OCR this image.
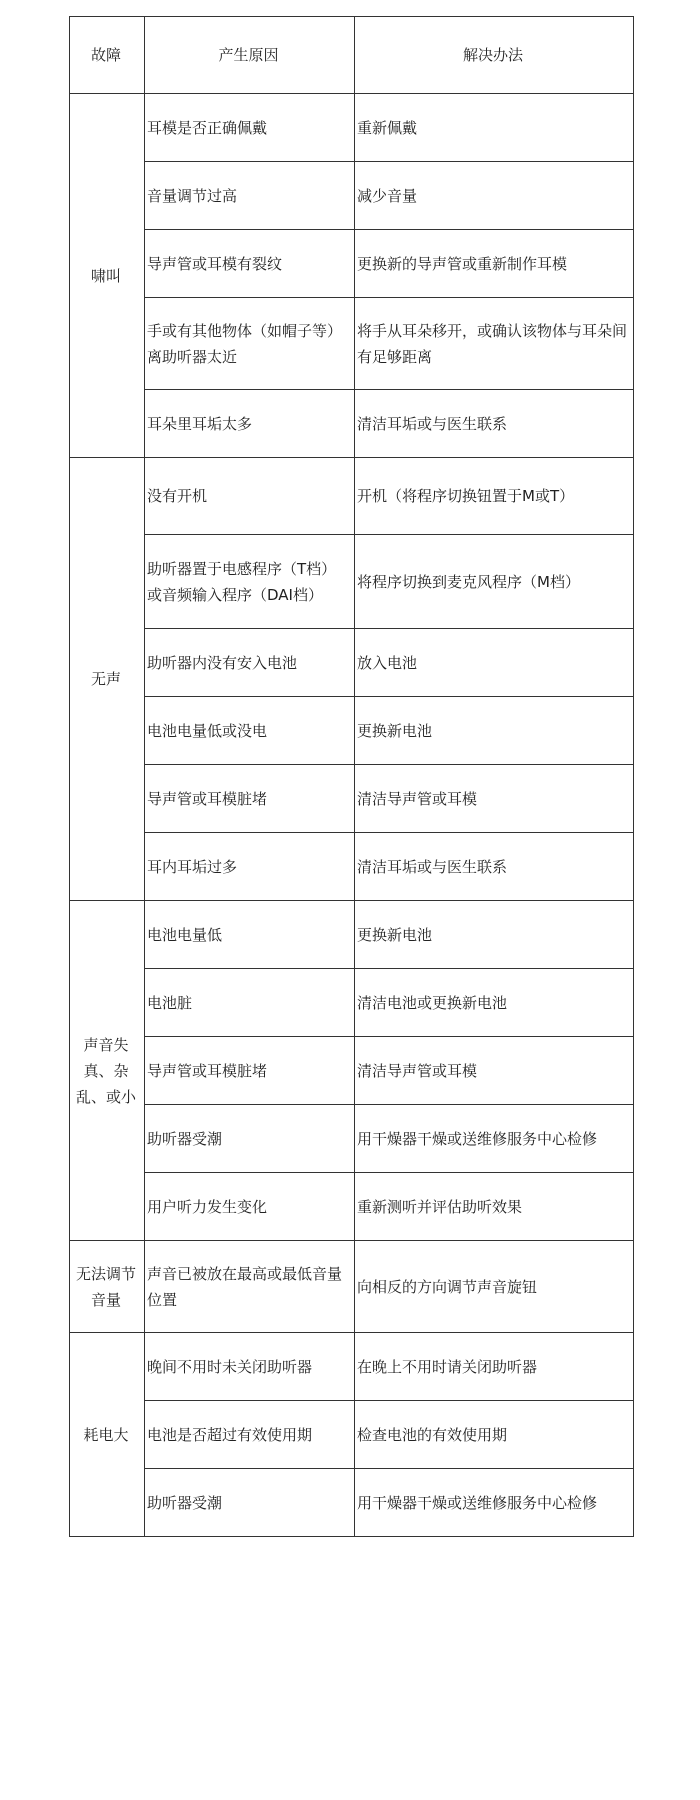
故障	产生原因	解决办法
啸叫	耳模是否正确佩戴	重新佩戴
	音量调节过高	减少音量
	导声管或耳模有裂纹	更换新的导声管或重新制作耳模
	手或有其他物体（如帽子等）离助听器太近	将手从耳朵移开，或确认该物体与耳朵间有足够距离
	耳朵里耳垢太多	清洁耳垢或与医生联系
无声	没有开机	开机（将程序切换钮置于M或T）
	助听器置于电感程序（T档）或音频输入程序（DAI档）	将程序切换到麦克风程序（M档）
	助听器内没有安入电池	放入电池
	电池电量低或没电	更换新电池
	导声管或耳模脏堵	清洁导声管或耳模
	耳内耳垢过多	清洁耳垢或与医生联系
声音失真、杂乱、或小	电池电量低	更换新电池
	电池脏	清洁电池或更换新电池
	导声管或耳模脏堵	清洁导声管或耳模
	助听器受潮	用干燥器干燥或送维修服务中心检修
	用户听力发生变化	重新测听并评估助听效果
无法调节音量	声音已被放在最高或最低音量位置	向相反的方向调节声音旋钮
耗电大	晚间不用时未关闭助听器	在晚上不用时请关闭助听器
	电池是否超过有效使用期	检查电池的有效使用期
	助听器受潮	用干燥器干燥或送维修服务中心检修
